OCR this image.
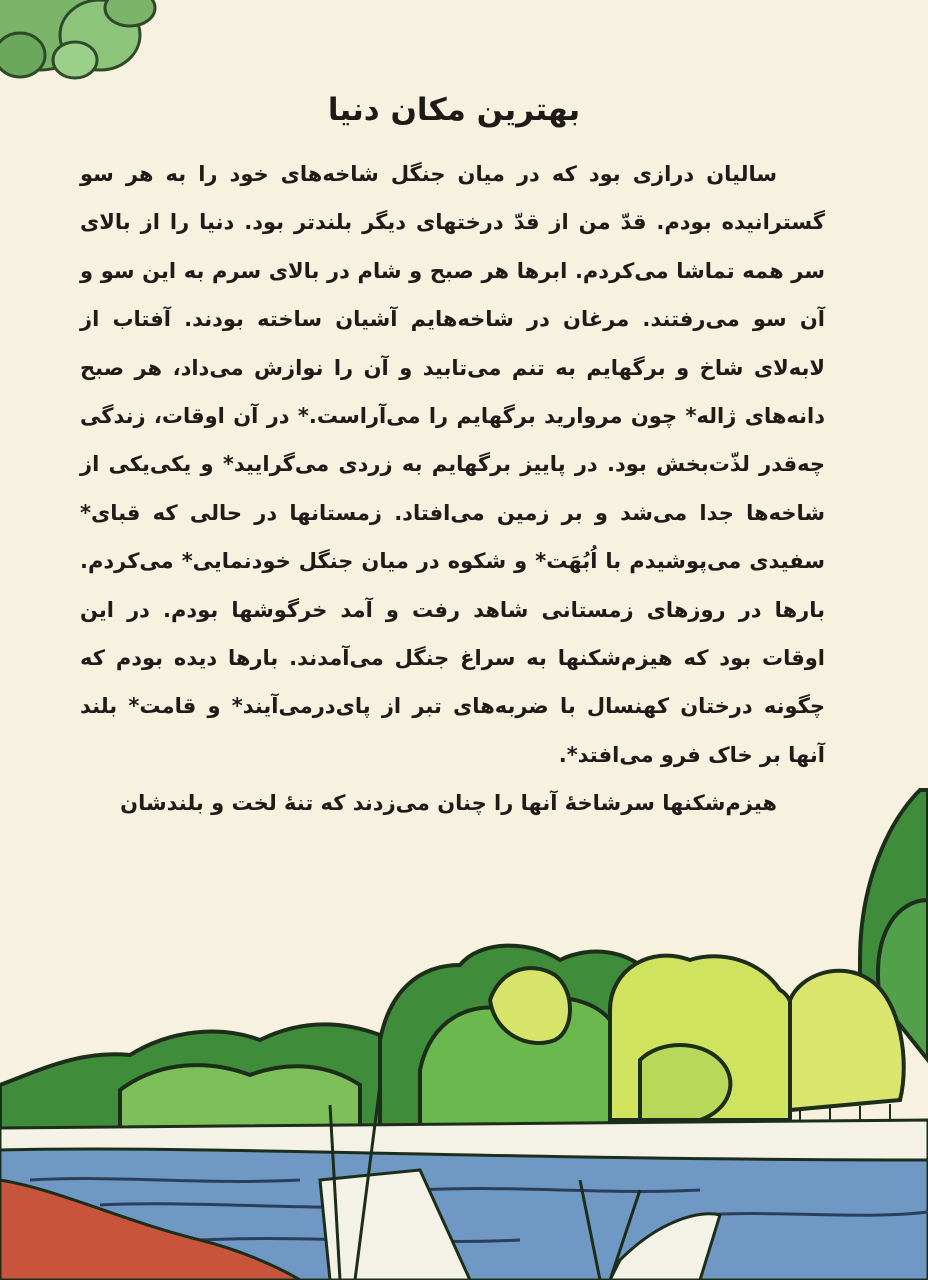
بهترین مکان دنیا

سالیان درازی بود که در میان جنگل شاخه‌های خود را به هر سو گسترانیده بودم. قدّ من از قدّ درختهای دیگر بلندتر بود. دنیا را از بالای سر همه تماشا می‌کردم. ابرها هر صبح و شام در بالای سرم به این سو و آن سو می‌رفتند. مرغان در شاخه‌هایم آشیان ساخته بودند. آفتاب از لابه‌لای شاخ و برگهایم به تنم می‌تابید و آن را نوازش می‌داد، هر صبح دانه‌های ژاله* چون مروارید برگهایم را می‌آراست.* در آن اوقات، زندگی چه‌قدر لذّت‌بخش بود. در پاییز برگهایم به زردی می‌گرایید* و یکی‌یکی از شاخه‌ها جدا می‌شد و بر زمین می‌افتاد. زمستانها در حالی که قبای* سفیدی می‌پوشیدم با اُبُهَت* و شکوه در میان جنگل خودنمایی* می‌کردم. بارها در روزهای زمستانی شاهد رفت و آمد خرگوشها بودم. در این اوقات بود که هیزم‌شکنها به سراغ جنگل می‌آمدند. بارها دیده بودم که چگونه درختان کهنسال با ضربه‌های تبر از پای‌درمی‌آیند* و قامت* بلند آنها بر خاک فرو می‌افتد*.

هیزم‌شکنها سرشاخهٔ آنها را چنان می‌زدند که تنهٔ لخت و بلندشان
